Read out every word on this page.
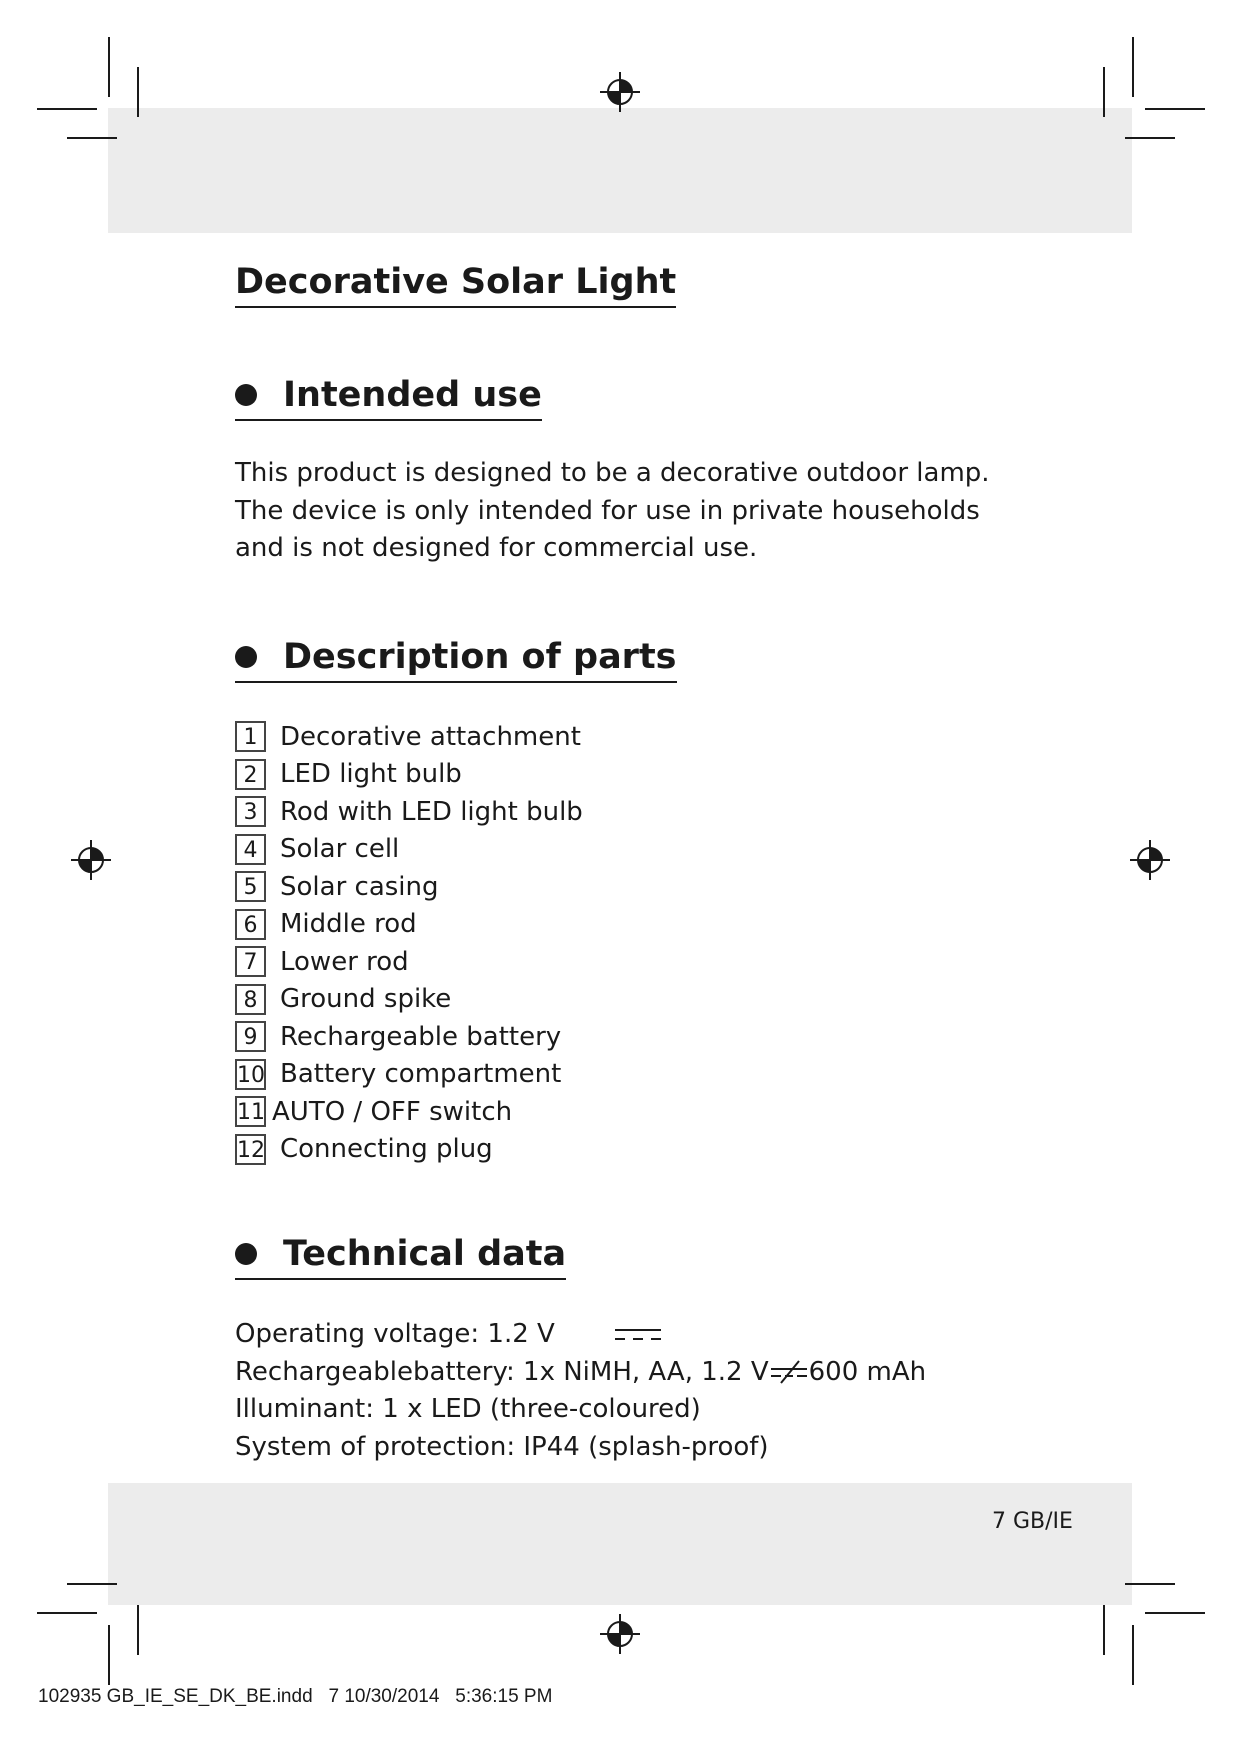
Decorative Solar Light
Intended use

This product is designed to be a decorative outdoor lamp. The device is only intended for use in private households and is not designed for commercial use.

Description of parts
1 Decorative attachment
2 LED light bulb
3 Rod with LED light bulb
4 Solar cell
5 Solar casing
6 Middle rod
7 Lower rod
8 Ground spike
9 Rechargeable battery
10 Battery compartment
11 AUTO / OFF switch
12 Connecting plug
Technical data
Operating voltage: 1.2 V
Rechargeablebattery: 1x NiMH, AA, 1.2 V 600 mAh
Illuminant: 1 x LED (three-coloured)
System of protection: IP44 (splash-proof)
7 GB/IE
102935 GB_IE_SE_DK_BE.indd   7 10/30/2014   5:36:15 PM
